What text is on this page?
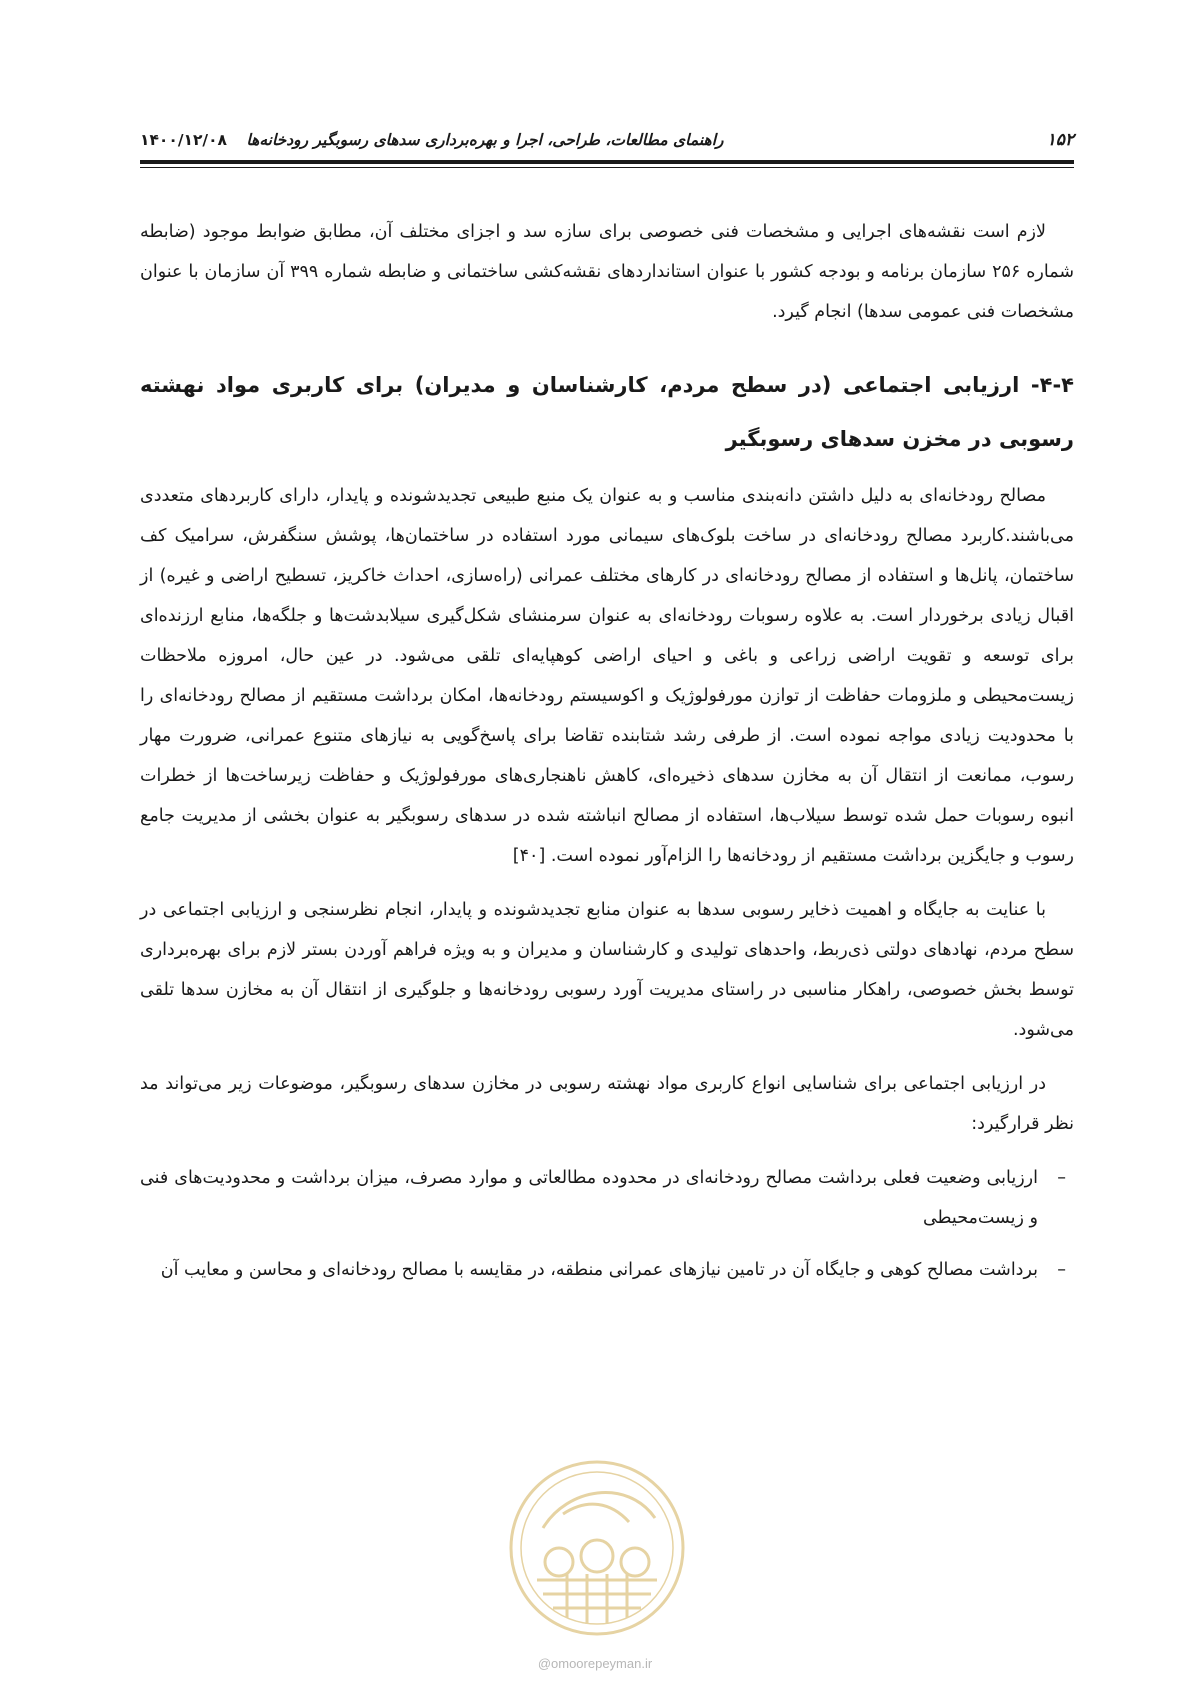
۱۵۲
راهنمای مطالعات، طراحی، اجرا و بهره‌برداری سدهای رسوبگیر رودخانه‌ها ۱۴۰۰/۱۲/۰۸

لازم است نقشه‌های اجرایی و مشخصات فنی خصوصی برای سازه سد و اجزای مختلف آن، مطابق ضوابط موجود (ضابطه شماره ۲۵۶ سازمان برنامه و بودجه کشور با عنوان استانداردهای نقشه‌کشی ساختمانی و ضابطه شماره ۳۹۹ آن سازمان با عنوان مشخصات فنی عمومی سدها) انجام گیرد.

۴-۴- ارزیابی اجتماعی (در سطح مردم، کارشناسان و مدیران) برای کاربری مواد نهشته رسوبی در مخزن سدهای رسوبگیر

مصالح رودخانه‌ای به دلیل داشتن دانه‌بندی مناسب و به عنوان یک منبع طبیعی تجدیدشونده و پایدار، دارای کاربردهای متعددی می‌باشند.کاربرد مصالح رودخانه‌ای در ساخت بلوک‌های سیمانی مورد استفاده در ساختمان‌ها، پوشش سنگفرش، سرامیک کف ساختمان، پانل‌ها و استفاده از مصالح رودخانه‌ای در کارهای مختلف عمرانی (راه‌سازی، احداث خاکریز، تسطیح اراضی و غیره) از اقبال زیادی برخوردار است. به علاوه رسوبات رودخانه‌ای به عنوان سرمنشای شکل‌گیری سیلابدشت‌ها و جلگه‌ها، منابع ارزنده‌ای برای توسعه و تقویت اراضی زراعی و باغی و احیای اراضی کوهپایه‌ای تلقی می‌شود. در عین حال، امروزه ملاحظات زیست‌محیطی و ملزومات حفاظت از توازن مورفولوژیک و اکوسیستم رودخانه‌ها، امکان برداشت مستقیم از مصالح رودخانه‌ای را با محدودیت زیادی مواجه نموده است. از طرفی رشد شتابنده تقاضا برای پاسخ‌گویی به نیازهای متنوع عمرانی، ضرورت مهار رسوب، ممانعت از انتقال آن به مخازن سدهای ذخیره‌ای، کاهش ناهنجاری‌های مورفولوژیک و حفاظت زیرساخت‌ها از خطرات انبوه رسوبات حمل شده توسط سیلاب‌ها، استفاده از مصالح انباشته شده در سدهای رسوبگیر به عنوان بخشی از مدیریت جامع رسوب و جایگزین برداشت مستقیم از رودخانه‌ها را الزام‌آور نموده است. [۴۰]

با عنایت به جایگاه و اهمیت ذخایر رسوبی سدها به عنوان منابع تجدیدشونده و پایدار، انجام نظرسنجی و ارزیابی اجتماعی در سطح مردم، نهادهای دولتی ذی‌ربط، واحدهای تولیدی و کارشناسان و مدیران و به ویژه فراهم آوردن بستر لازم برای بهره‌برداری توسط بخش خصوصی، راهکار مناسبی در راستای مدیریت آورد رسوبی رودخانه‌ها و جلوگیری از انتقال آن به مخازن سدها تلقی می‌شود.

در ارزیابی اجتماعی برای شناسایی انواع کاربری مواد نهشته رسوبی در مخازن سدهای رسوبگیر، موضوعات زیر می‌تواند مد نظر قرارگیرد:

–
ارزیابی وضعیت فعلی برداشت مصالح رودخانه‌ای در محدوده مطالعاتی و موارد مصرف، میزان برداشت و محدودیت‌های فنی و زیست‌محیطی
–
برداشت مصالح کوهی و جایگاه آن در تامین نیازهای عمرانی منطقه، در مقایسه با مصالح رودخانه‌ای و محاسن و معایب آن
@omoorepeyman.ir
